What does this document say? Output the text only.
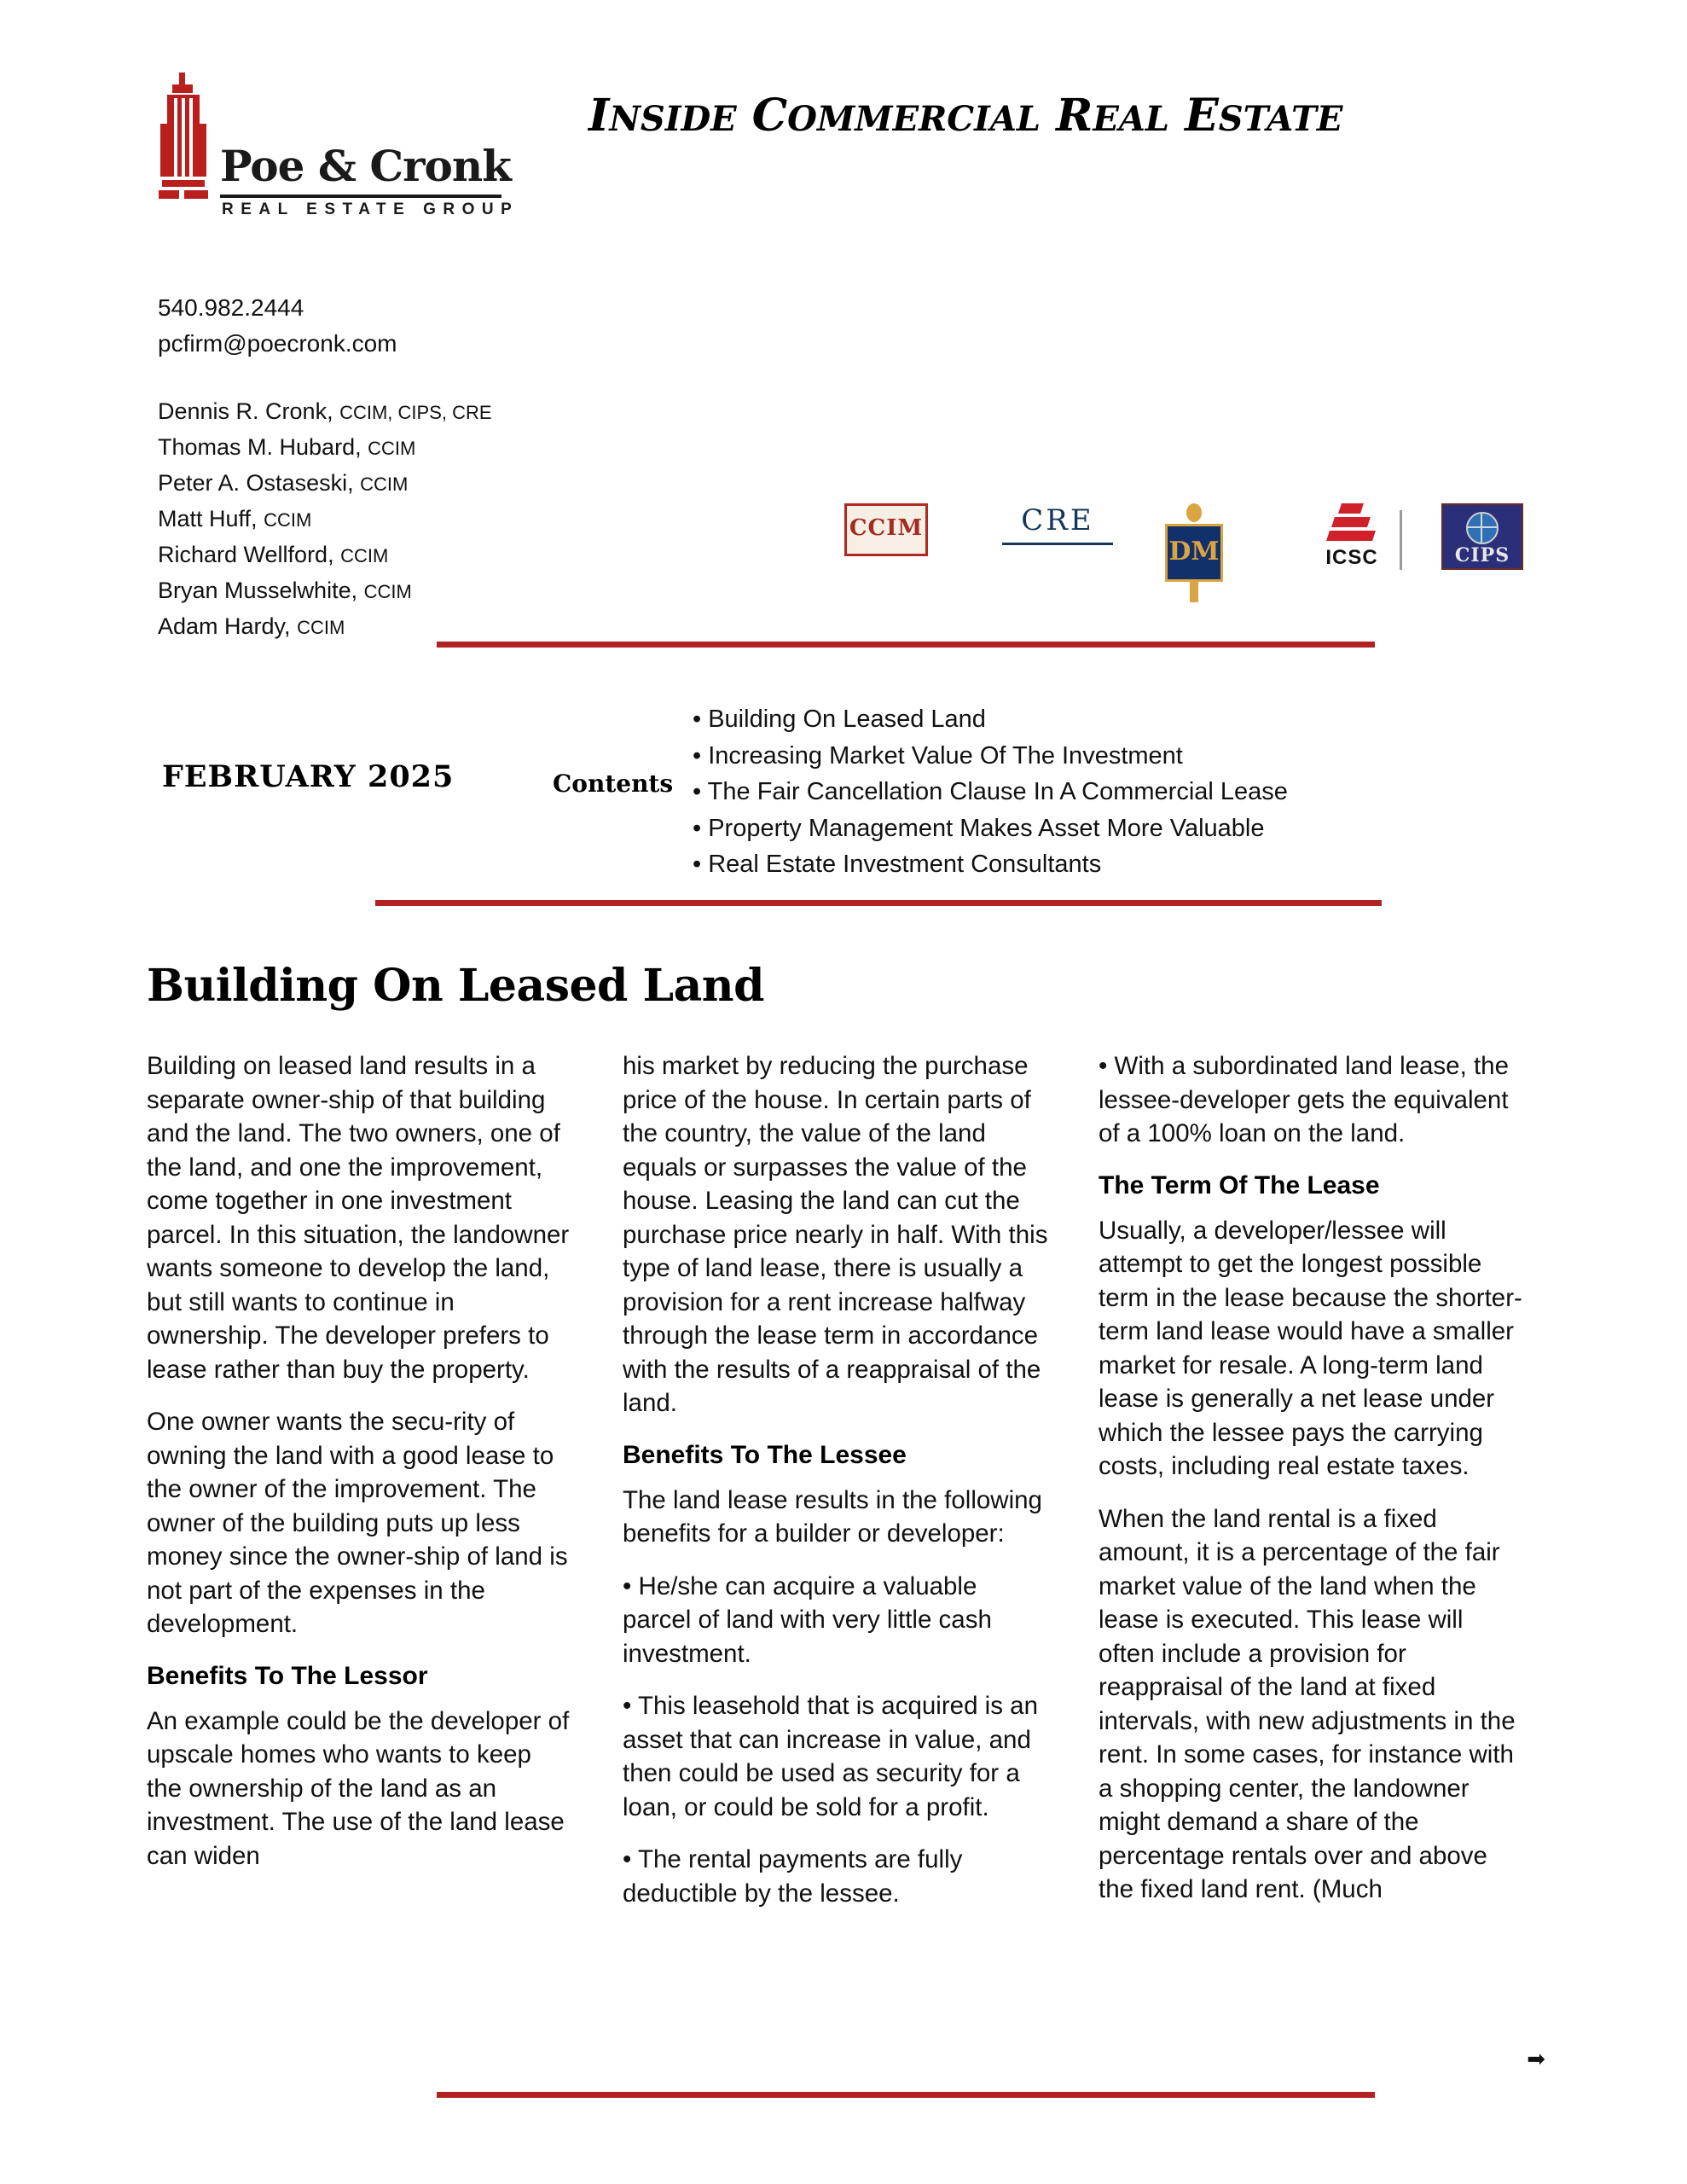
Poe & Cronk
REAL ESTATE GROUP
INSIDE COMMERCIAL REAL ESTATE
540.982.2444
pcfirm@poecronk.com
Dennis R. Cronk, CCIM, CIPS, CRE
Thomas M. Hubard, CCIM
Peter A. Ostaseski, CCIM
Matt Huff, CCIM
Richard Wellford, CCIM
Bryan Musselwhite, CCIM
Adam Hardy, CCIM
CCIM	CRE
DM	ICSC	CIPS
FEBRUARY 2025	Contents
• Building On Leased Land
• Increasing Market Value Of The Investment
• The Fair Cancellation Clause In A Commercial Lease
• Property Management Makes Asset More Valuable
• Real Estate Investment Consultants
Building On Leased Land

Building on leased land results in a separate owner-ship of that building and the land. The two owners, one of the land, and one the improvement, come together in one investment parcel. In this situation, the landowner wants someone to develop the land, but still wants to continue in ownership. The developer prefers to lease rather than buy the property.

One owner wants the secu-rity of owning the land with a good lease to the owner of the improvement. The owner of the building puts up less money since the owner-ship of land is not part of the expenses in the development.

Benefits To The Lessor

An example could be the developer of upscale homes who wants to keep the ownership of the land as an investment. The use of the land lease can widen

his market by reducing the purchase price of the house. In certain parts of the country, the value of the land equals or surpasses the value of the house. Leasing the land can cut the purchase price nearly in half. With this type of land lease, there is usually a provision for a rent increase halfway through the lease term in accordance with the results of a reappraisal of the land.

Benefits To The Lessee

The land lease results in the following benefits for a builder or developer:

• He/she can acquire a valuable parcel of land with very little cash investment.

• This leasehold that is acquired is an asset that can increase in value, and then could be used as security for a loan, or could be sold for a profit.

• The rental payments are fully deductible by the lessee.

• With a subordinated land lease, the lessee-developer gets the equivalent of a 100% loan on the land.

The Term Of The Lease

Usually, a developer/lessee will attempt to get the longest possible term in the lease because the shorter-term land lease would have a smaller market for resale. A long-term land lease is generally a net lease under which the lessee pays the carrying costs, including real estate taxes.

When the land rental is a fixed amount, it is a percentage of the fair market value of the land when the lease is executed. This lease will often include a provision for reappraisal of the land at fixed intervals, with new adjustments in the rent. In some cases, for instance with a shopping center, the landowner might demand a share of the percentage rentals over and above the fixed land rent. (Much

➡
